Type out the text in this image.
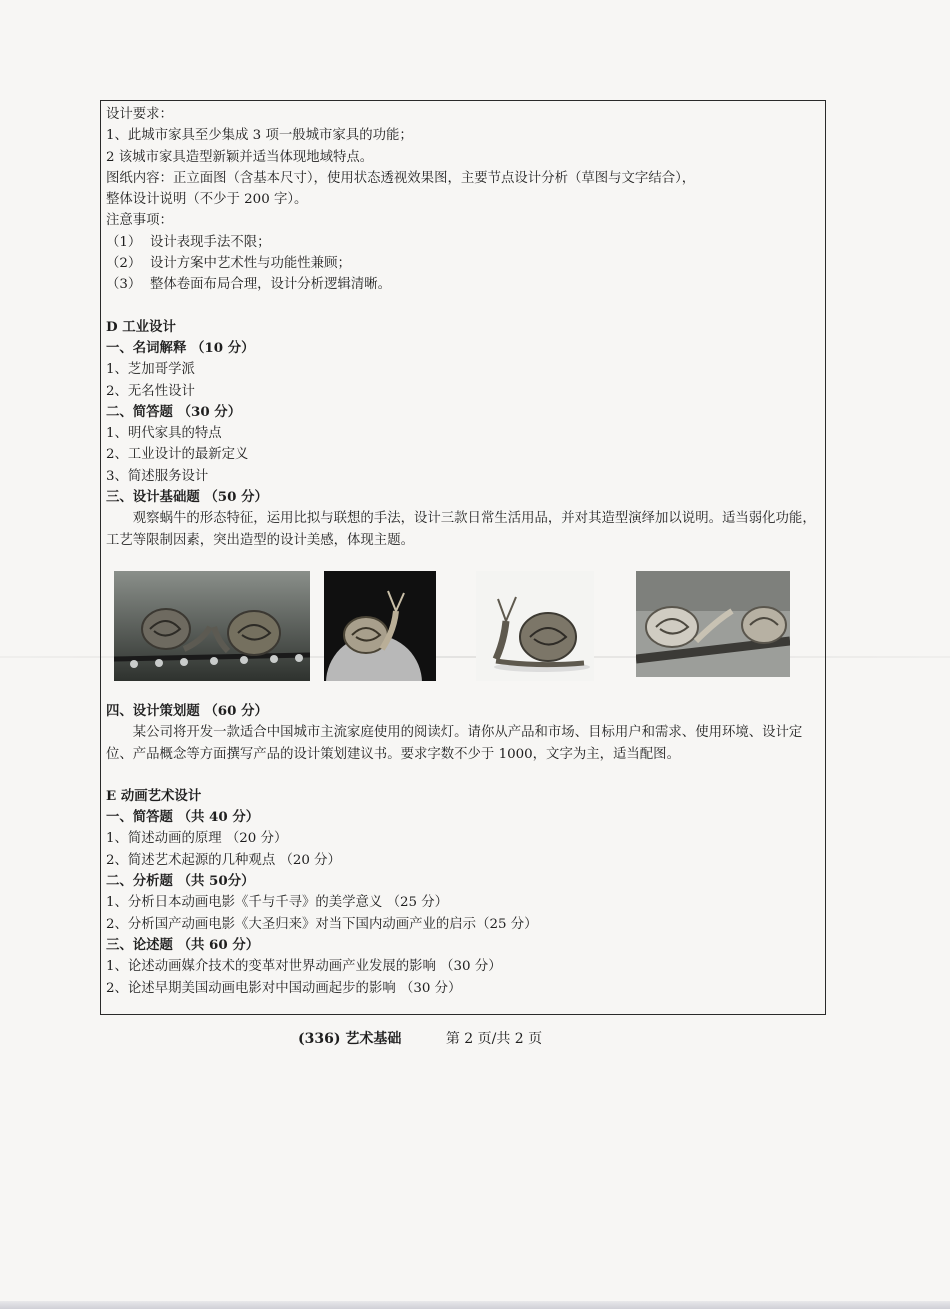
设计要求：
1、此城市家具至少集成 3 项一般城市家具的功能；
2 该城市家具造型新颖并适当体现地域特点。
图纸内容：正立面图（含基本尺寸），使用状态透视效果图，主要节点设计分析（草图与文字结合），
整体设计说明（不少于 200 字）。
注意事项：
（1） 设计表现手法不限；
（2） 设计方案中艺术性与功能性兼顾；
（3） 整体卷面布局合理，设计分析逻辑清晰。
D 工业设计
一、名词解释 （10 分）
1、芝加哥学派
2、无名性设计
二、简答题 （30 分）
1、明代家具的特点
2、工业设计的最新定义
3、简述服务设计
三、设计基础题 （50 分）
观察蜗牛的形态特征，运用比拟与联想的手法，设计三款日常生活用品，并对其造型演绎加以说明。适当弱化功能，工艺等限制因素，突出造型的设计美感，体现主题。
四、设计策划题 （60 分）
某公司将开发一款适合中国城市主流家庭使用的阅读灯。请你从产品和市场、目标用户和需求、使用环境、设计定位、产品概念等方面撰写产品的设计策划建议书。要求字数不少于 1000，文字为主，适当配图。
E 动画艺术设计
一、简答题 （共 40 分）
1、简述动画的原理 （20 分）
2、简述艺术起源的几种观点 （20 分）
二、分析题 （共 50分）
1、分析日本动画电影《千与千寻》的美学意义 （25 分）
2、分析国产动画电影《大圣归来》对当下国内动画产业的启示（25 分）
三、论述题 （共 60 分）
1、论述动画媒介技术的变革对世界动画产业发展的影响 （30 分）
2、论述早期美国动画电影对中国动画起步的影响 （30 分）
(336) 艺术基础	第 2 页/共 2 页
